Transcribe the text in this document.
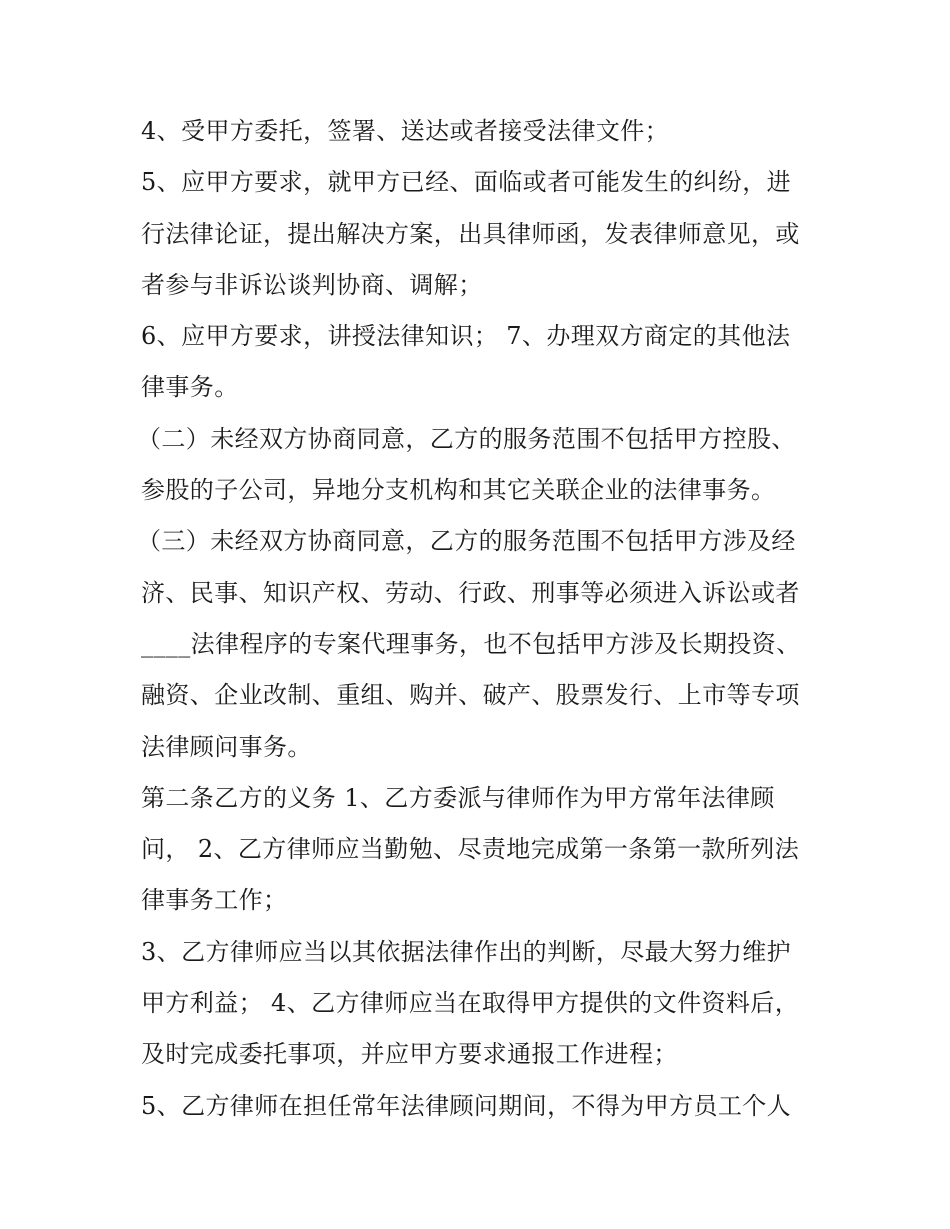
4、受甲方委托，签署、送达或者接受法律文件；
5、应甲方要求，就甲方已经、面临或者可能发生的纠纷，进
行法律论证，提出解决方案，出具律师函，发表律师意见，或
者参与非诉讼谈判协商、调解；
6、应甲方要求，讲授法律知识； 7、办理双方商定的其他法
律事务。
（二）未经双方协商同意，乙方的服务范围不包括甲方控股、
参股的子公司，异地分支机构和其它关联企业的法律事务。
（三）未经双方协商同意，乙方的服务范围不包括甲方涉及经
济、民事、知识产权、劳动、行政、刑事等必须进入诉讼或者
____法律程序的专案代理事务，也不包括甲方涉及长期投资、
融资、企业改制、重组、购并、破产、股票发行、上市等专项
法律顾问事务。
第二条乙方的义务 1、乙方委派与律师作为甲方常年法律顾
问， 2、乙方律师应当勤勉、尽责地完成第一条第一款所列法
律事务工作；
3、乙方律师应当以其依据法律作出的判断，尽最大努力维护
甲方利益； 4、乙方律师应当在取得甲方提供的文件资料后，
及时完成委托事项，并应甲方要求通报工作进程；
5、乙方律师在担任常年法律顾问期间，不得为甲方员工个人
